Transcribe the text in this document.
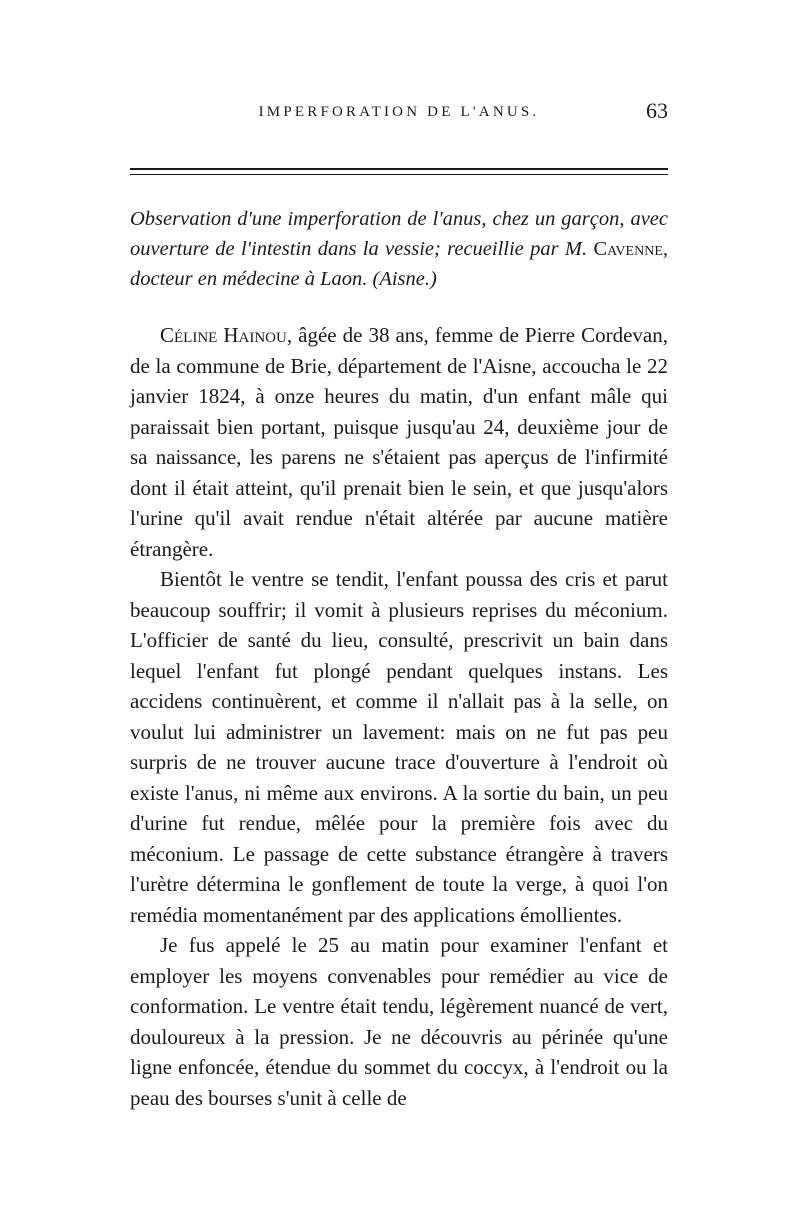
IMPERFORATION DE L'ANUS.	63

Observation d'une imperforation de l'anus, chez un garçon, avec ouverture de l'intestin dans la vessie; recueillie par M. Cavenne, docteur en médecine à Laon. (Aisne.)

Céline Hainou, âgée de 38 ans, femme de Pierre Cordevan, de la commune de Brie, département de l'Aisne, accoucha le 22 janvier 1824, à onze heures du matin, d'un enfant mâle qui paraissait bien portant, puisque jusqu'au 24, deuxième jour de sa naissance, les parens ne s'étaient pas aperçus de l'infirmité dont il était atteint, qu'il prenait bien le sein, et que jusqu'alors l'urine qu'il avait rendue n'était altérée par aucune matière étrangère.

Bientôt le ventre se tendit, l'enfant poussa des cris et parut beaucoup souffrir; il vomit à plusieurs reprises du méconium. L'officier de santé du lieu, consulté, prescrivit un bain dans lequel l'enfant fut plongé pendant quelques instans. Les accidens continuèrent, et comme il n'allait pas à la selle, on voulut lui administrer un lavement: mais on ne fut pas peu surpris de ne trouver aucune trace d'ouverture à l'endroit où existe l'anus, ni même aux environs. A la sortie du bain, un peu d'urine fut rendue, mêlée pour la première fois avec du méconium. Le passage de cette substance étrangère à travers l'urètre détermina le gonflement de toute la verge, à quoi l'on remédia momentanément par des applications émollientes.

Je fus appelé le 25 au matin pour examiner l'enfant et employer les moyens convenables pour remédier au vice de conformation. Le ventre était tendu, légèrement nuancé de vert, douloureux à la pression. Je ne découvris au périnée qu'une ligne enfoncée, étendue du sommet du coccyx, à l'endroit ou la peau des bourses s'unit à celle de
